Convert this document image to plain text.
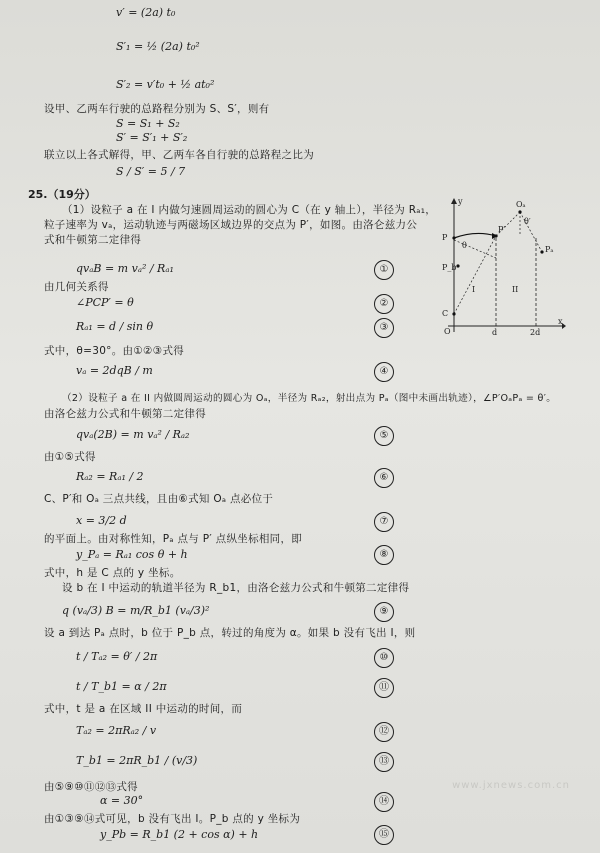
v′ = (2a) t₀
S′₁ = ½ (2a) t₀²
S′₂ = v′t₀ + ½ at₀²
设甲、乙两车行驶的总路程分别为 S、S′，则有
S = S₁ + S₂
S′ = S′₁ + S′₂
联立以上各式解得，甲、乙两车各自行驶的总路程之比为
S / S′ = 5 / 7
25.（19分）
（1）设粒子 a 在 I 内做匀速圆周运动的圆心为 C（在 y 轴上），半径为 Rₐ₁，
粒子速率为 vₐ，运动轨迹与两磁场区域边界的交点为 P′，如图。由洛仑兹力公
式和牛顿第二定律得
qvₐB = m vₐ² / Rₐ₁	①
由几何关系得
∠PCP′ = θ	②
Rₐ₁ = d / sin θ	③
式中，θ=30°。由①②③式得
vₐ = 2dqB / m	④
（2）设粒子 a 在 II 内做圆周运动的圆心为 Oₐ，半径为 Rₐ₂，射出点为 Pₐ（图中未画出轨迹），∠P′OₐPₐ = θ′。
由洛仑兹力公式和牛顿第二定律得
qvₐ(2B) = m vₐ² / Rₐ₂	⑤
由①⑤式得
Rₐ₂ = Rₐ₁ / 2	⑥
C、P′和 Oₐ 三点共线，且由⑥式知 Oₐ 点必位于
x = 3/2 d	⑦
的平面上。由对称性知，Pₐ 点与 P′ 点纵坐标相同，即
y_Pₐ = Rₐ₁ cos θ + h	⑧
式中，h 是 C 点的 y 坐标。
设 b 在 I 中运动的轨道半径为 R_b1，由洛仑兹力公式和牛顿第二定律得
q (vₐ/3) B = m/R_b1 (vₐ/3)²	⑨
设 a 到达 Pₐ 点时，b 位于 P_b 点，转过的角度为 α。如果 b 没有飞出 I，则
t / Tₐ₂ = θ′ / 2π	⑩
t / T_b1 = α / 2π	⑪
式中，t 是 a 在区域 II 中运动的时间，而
Tₐ₂ = 2πRₐ₂ / v	⑫
T_b1 = 2πR_b1 / (v/3)	⑬
由⑤⑨⑩⑪⑫⑬式得
α = 30°	⑭
由①③⑨⑭式可见，b 没有飞出 I。P_b 点的 y 坐标为
y_Pb = R_b1 (2 + cos α) + h	⑮
y
x
O
C
P
P′
Oₐ
Pₐ
P_b
θ
θ′
I	II
d	2d
www.jxnews.com.cn
